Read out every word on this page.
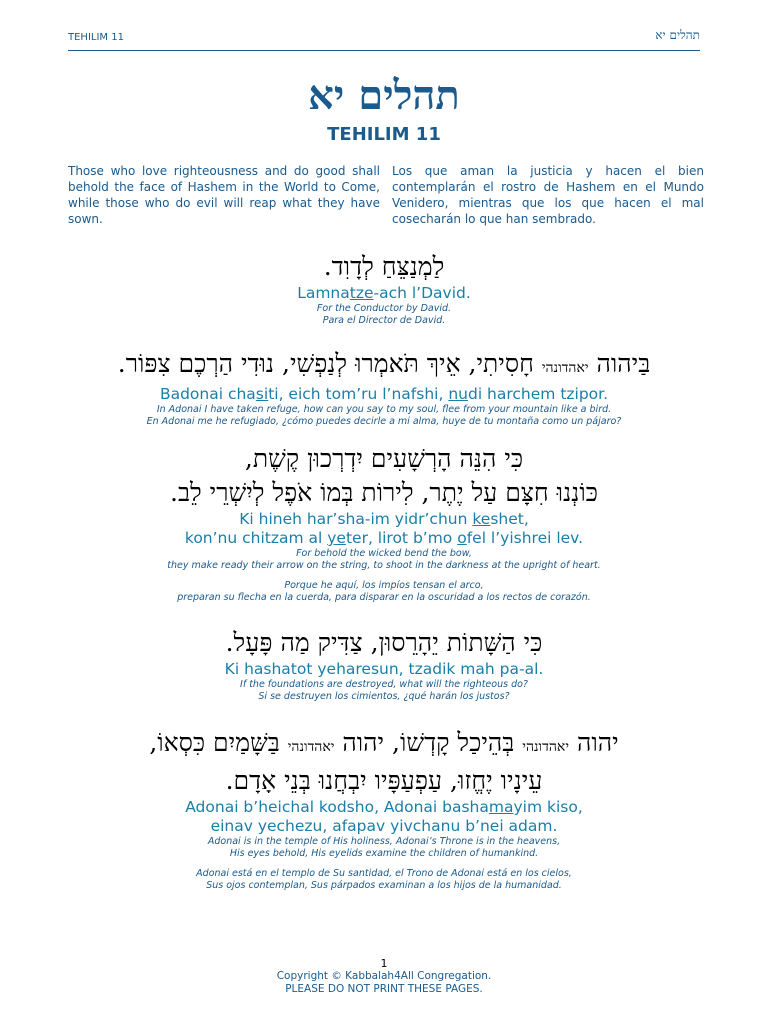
TEHILIM 11	תהלים יא
תהלים יא
TEHILIM 11
Those who love righteousness and do good shall behold the face of Hashem in the World to Come, while those who do evil will reap what they have sown.
Los que aman la justicia y hacen el bien contemplarán el rostro de Hashem en el Mundo Venidero, mientras que los que hacen el mal cosecharán lo que han sembrado.
לַמְנַצֵּחַ לְדָוִד.
Lamnatze-ach l’David.
For the Conductor by David.
Para el Director de David.
בַּיהוה יאהדונהי חָסִיתִי, אֵיךְ תֹּאמְרוּ לְנַפְשִׁי, נוּדִי הַרְכֶם צִפּוֹר.
Badonai chasiti, eich tom’ru l’nafshi, nudi harchem tzipor.
In Adonai I have taken refuge, how can you say to my soul, flee from your mountain like a bird.
En Adonai me he refugiado, ¿cómo puedes decirle a mi alma, huye de tu montaña como un pájaro?
כִּי הִנֵּה הָרְשָׁעִים יִדְרְכוּן קֶשֶׁת,
כּוֹנְנוּ חִצָּם עַל יֶתֶר, לִירוֹת בְּמוֹ אֹפֶל לְיִשְׁרֵי לֵב.
Ki hineh har’sha-im yidr’chun keshet,
kon’nu chitzam al yeter, lirot b’mo ofel l’yishrei lev.
For behold the wicked bend the bow,
they make ready their arrow on the string, to shoot in the darkness at the upright of heart.
Porque he aquí, los impíos tensan el arco,
preparan su flecha en la cuerda, para disparar en la oscuridad a los rectos de corazón.
כִּי הַשָּׁתוֹת יֵהָרֵסוּן, צַדִּיק מַה פָּעָל.
Ki hashatot yeharesun, tzadik mah pa-al.
If the foundations are destroyed, what will the righteous do?
Si se destruyen los cimientos, ¿qué harán los justos?
יהוה יאהדונהי בְּהֵיכַל קָדְשׁוֹ, יהוה יאהדונהי בַּשָּׁמַיִם כִּסְאוֹ,
עֵינָיו יֶחֱזוּ, עַפְעַפָּיו יִבְחֲנוּ בְּנֵי אָדָם.
Adonai b’heichal kodsho, Adonai bashamayim kiso,
einav yechezu, afapav yivchanu b’nei adam.
Adonai is in the temple of His holiness, Adonai’s Throne is in the heavens,
His eyes behold, His eyelids examine the children of humankind.
Adonai está en el templo de Su santidad, el Trono de Adonai está en los cielos,
Sus ojos contemplan, Sus párpados examinan a los hijos de la humanidad.
1
Copyright © Kabbalah4All Congregation.
PLEASE DO NOT PRINT THESE PAGES.
